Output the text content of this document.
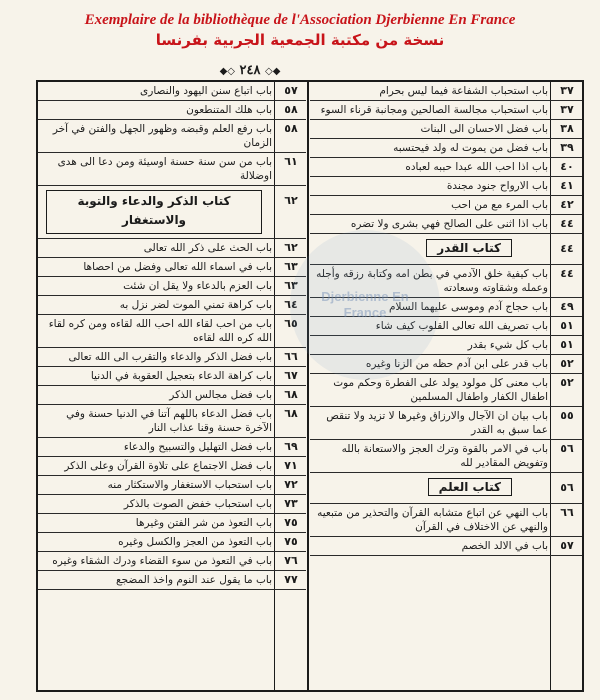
Exemplaire de la bibliothèque de l'Association Djerbienne En France
نسخة من مكتبة الجمعية الجربية بفرنسا
◆◇ ٢٤٨ ◇◆
٣٧
باب استحباب الشفاعة فيما ليس بحرام
٣٧
باب استحباب مجالسة الصالحين ومجانبة قرناء السوء
٣٨
باب فضل الاحسان الى البنات
٣٩
باب فضل من يموت له ولد فيحتسبه
٤٠
باب اذا احب الله عبدا حببه لعباده
٤١
باب الارواح جنود مجندة
٤٢
باب المرء مع من احب
٤٤
باب اذا اثنى على الصالح فهي بشرى ولا تضره
٤٤
كتاب القدر
٤٤
باب كيفية خلق الآدمي في بطن امه وكتابة رزقه وأجله وعمله وشقاوته وسعادته
٤٩
باب حجاج آدم وموسى عليهما السلام
٥١
باب تصريف الله تعالى القلوب كيف شاء
٥١
باب كل شيء بقدر
٥٢
باب قدر على ابن آدم حظه من الزنا وغيره
٥٢
باب معنى كل مولود يولد على الفطرة وحكم موت اطفال الكفار واطفال المسلمين
٥٥
باب بيان ان الآجال والارزاق وغيرها لا تزيد ولا تنقص عما سبق به القدر
٥٦
باب في الامر بالقوة وترك العجز والاستعانة بالله وتفويض المقادير لله
٥٦
كتاب العلم
٦٦
باب النهي عن اتباع متشابه القرآن والتحذير من متبعيه والنهي عن الاختلاف في القرآن
٥٧
باب في الالد الخصم
٥٧
باب اتباع سنن اليهود والنصارى
٥٨
باب هلك المتنطعون
٥٨
باب رفع العلم وقبضه وظهور الجهل والفتن في آخر الزمان
٦١
باب من سن سنة حسنة اوسيئة ومن دعا الى هدى اوضلالة
٦٢
كتاب الذكر والدعاء والتوبة والاستغفار
٦٢
باب الحث على ذكر الله تعالى
٦٣
باب في اسماء الله تعالى وفضل من احصاها
٦٣
باب العزم بالدعاء ولا يقل ان شئت
٦٤
باب كراهة تمني الموت لضر نزل به
٦٥
باب من احب لقاء الله احب الله لقاءه ومن كره لقاء الله كره الله لقاءه
٦٦
باب فضل الذكر والدعاء والتقرب الى الله تعالى
٦٧
باب كراهة الدعاء بتعجيل العقوبة في الدنيا
٦٨
باب فضل مجالس الذكر
٦٨
باب فضل الدعاء باللهم آتنا في الدنيا حسنة وفي الآخرة حسنة وقنا عذاب النار
٦٩
باب فضل التهليل والتسبيح والدعاء
٧١
باب فضل الاجتماع على تلاوة القرآن وعلى الذكر
٧٢
باب استحباب الاستغفار والاستكثار منه
٧٣
باب استحباب خفض الصوت بالذكر
٧٥
باب التعوذ من شر الفتن وغيرها
٧٥
باب التعوذ من العجز والكسل وغيره
٧٦
باب في التعوذ من سوء القضاء ودرك الشقاء وغيره
٧٧
باب ما يقول عند النوم واخذ المضجع
Djerbienne En France
